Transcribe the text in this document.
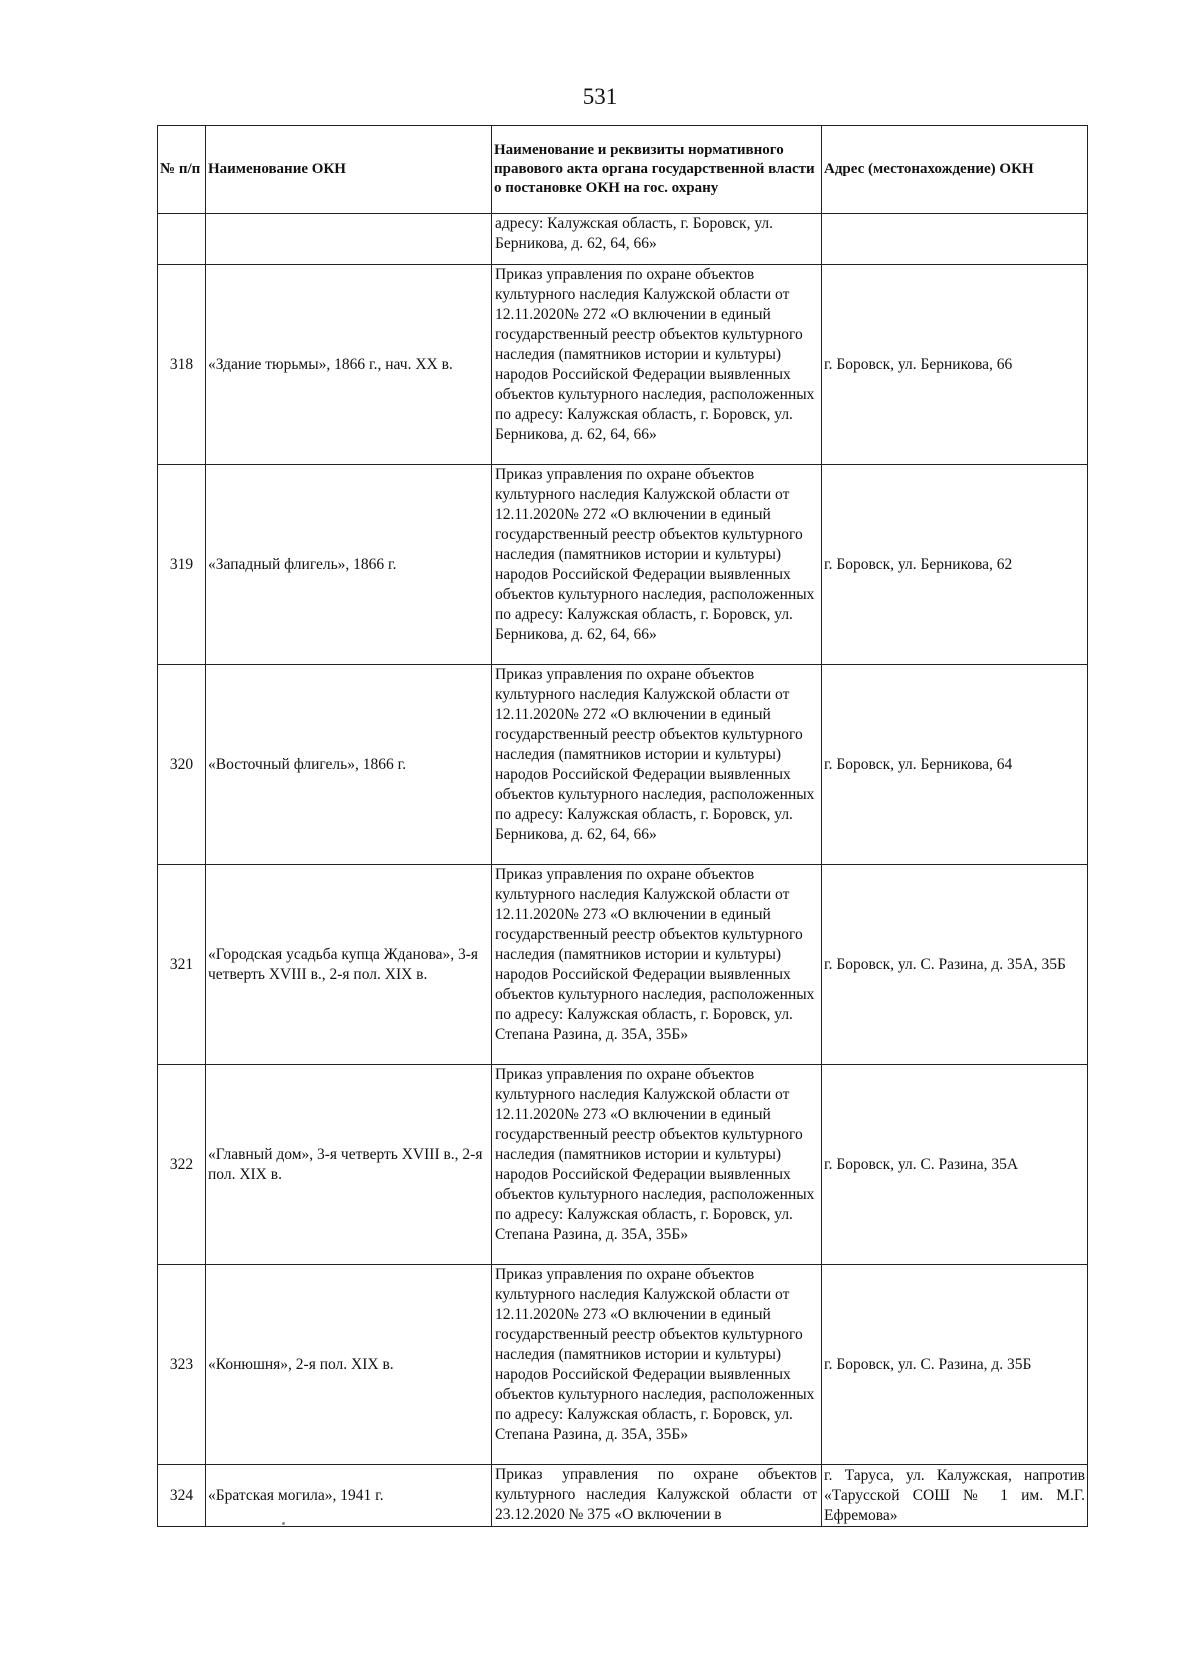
531
№ п/п	Наименование ОКН	Наименование и реквизиты нормативного правового акта органа государственной власти о постановке ОКН на гос. охрану	Адрес (местонахождение) ОКН
		адресу: Калужская область, г. Боровск, ул. Берникова, д. 62, 64, 66»	
318	«Здание тюрьмы», 1866 г., нач. XX в.	Приказ управления по охране объектов культурного наследия Калужской области от 12.11.2020№ 272 «О включении в единый государственный реестр объектов культурного наследия (памятников истории и культуры) народов Российской Федерации выявленных объектов культурного наследия, расположенных по адресу: Калужская область, г. Боровск, ул. Берникова, д. 62, 64, 66»	г. Боровск, ул. Берникова, 66
319	«Западный флигель», 1866 г.	Приказ управления по охране объектов культурного наследия Калужской области от 12.11.2020№ 272 «О включении в единый государственный реестр объектов культурного наследия (памятников истории и культуры) народов Российской Федерации выявленных объектов культурного наследия, расположенных по адресу: Калужская область, г. Боровск, ул. Берникова, д. 62, 64, 66»	г. Боровск, ул. Берникова, 62
320	«Восточный флигель», 1866 г.	Приказ управления по охране объектов культурного наследия Калужской области от 12.11.2020№ 272 «О включении в единый государственный реестр объектов культурного наследия (памятников истории и культуры) народов Российской Федерации выявленных объектов культурного наследия, расположенных по адресу: Калужская область, г. Боровск, ул. Берникова, д. 62, 64, 66»	г. Боровск, ул. Берникова, 64
321	«Городская усадьба купца Жданова», 3-я четверть XVIII в., 2-я пол. XIX в.	Приказ управления по охране объектов культурного наследия Калужской области от 12.11.2020№ 273 «О включении в единый государственный реестр объектов культурного наследия (памятников истории и культуры) народов Российской Федерации выявленных объектов культурного наследия, расположенных по адресу: Калужская область, г. Боровск, ул. Степана Разина, д. 35А, 35Б»	г. Боровск, ул. С. Разина, д. 35А, 35Б
322	«Главный дом», 3-я четверть XVIII в., 2-я пол. XIX в.	Приказ управления по охране объектов культурного наследия Калужской области от 12.11.2020№ 273 «О включении в единый государственный реестр объектов культурного наследия (памятников истории и культуры) народов Российской Федерации выявленных объектов культурного наследия, расположенных по адресу: Калужская область, г. Боровск, ул. Степана Разина, д. 35А, 35Б»	г. Боровск, ул. С. Разина, 35А
323	«Конюшня», 2-я пол. XIX в.	Приказ управления по охране объектов культурного наследия Калужской области от 12.11.2020№ 273 «О включении в единый государственный реестр объектов культурного наследия (памятников истории и культуры) народов Российской Федерации выявленных объектов культурного наследия, расположенных по адресу: Калужская область, г. Боровск, ул. Степана Разина, д. 35А, 35Б»	г. Боровск, ул. С. Разина, д. 35Б
324	«Братская могила», 1941 г.	Приказ управления по охране объектов культурного наследия Калужской области от 23.12.2020 № 375 «О включении в	г. Таруса, ул. Калужская, напротив «Тарусской СОШ № 1 им. М.Г. Ефремова»
